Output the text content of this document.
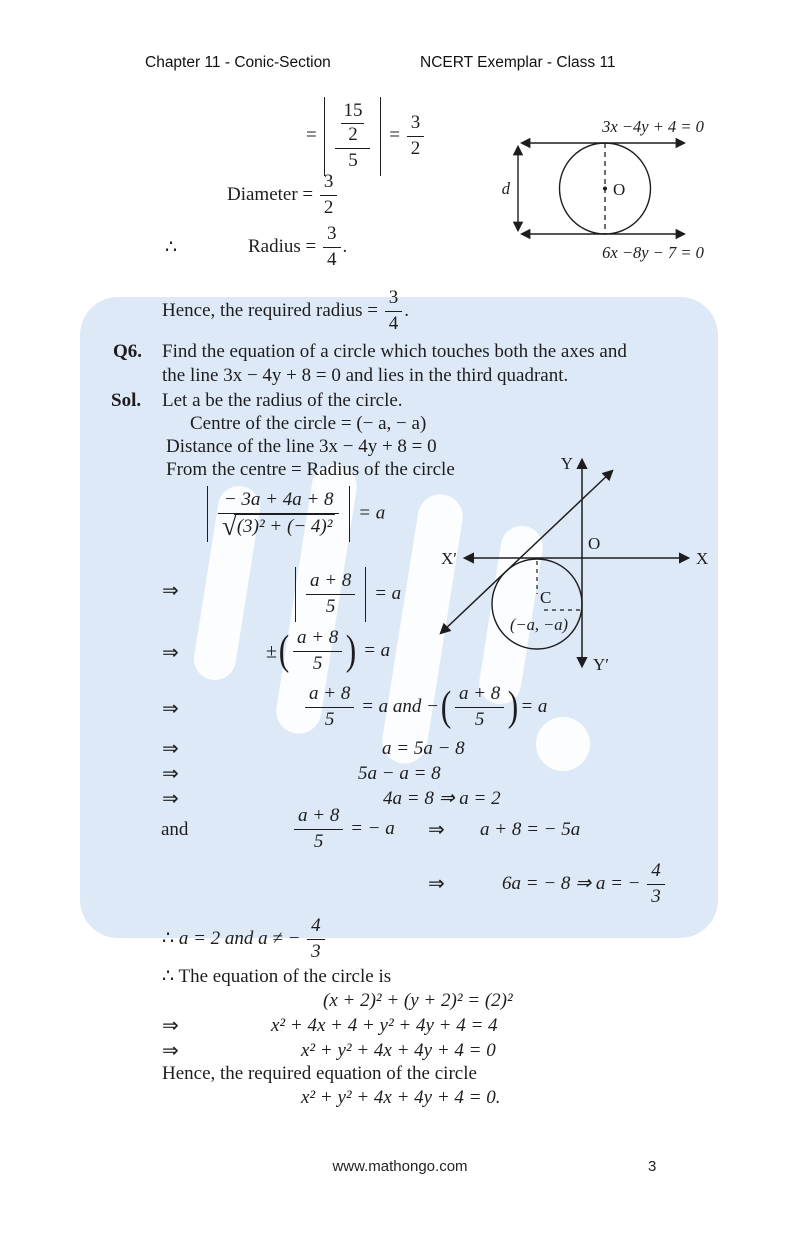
Chapter 11 - Conic-Section	NCERT Exemplar - Class 11
= $\frac{\frac{15}{2}}{5} = \frac{3}{2}$
Diameter = $\frac{3}{2}$
∴	Radius = $\frac{3}{4}$ .
3x −4y + 4 = 0
O
d
6x −8y − 7 = 0
Hence, the required radius = $\frac{3}{4}$ .
Q6. Find the equation of a circle which touches both the axes and
the line 3x − 4y + 8 = 0 and lies in the third quadrant.
Sol. Let a be the radius of the circle.
Centre of the circle = (− a, − a)
Distance of the line 3x − 4y + 8 = 0
From the centre = Radius of the circle
$\frac{- 3a + 4a + 8}{\text{√(3)² + (− 4)²}} = a$
⇒	$\frac{a + 8}{5} = a$
⇒	±( $\frac{a + 8}{5}$ ) = a
⇒	$\frac{a + 8}{5} = a$ and −( $\frac{a + 8}{5}$ )= a
⇒	a = 5a − 8
⇒	5a − a = 8
⇒	4a = 8 ⇒ a = 2
and	$\frac{a + 8}{5}$ = − a ⇒ a + 8 = − 5a
⇒	6a = − 8 ⇒ a = − $\frac{4}{3}$
Y
Y′
X′	X
O
C
(−a, −a)
∴ a = 2 and a ≠ − $\frac{4}{3}$
∴ The equation of the circle is
(x + 2)² + (y + 2)² = (2)²
⇒	x² + 4x + 4 + y² + 4y + 4 = 4
⇒	x² + y² + 4x + 4y + 4 = 0
Hence, the required equation of the circle
x² + y² + 4x + 4y + 4 = 0.
www.mathongo.com	3
